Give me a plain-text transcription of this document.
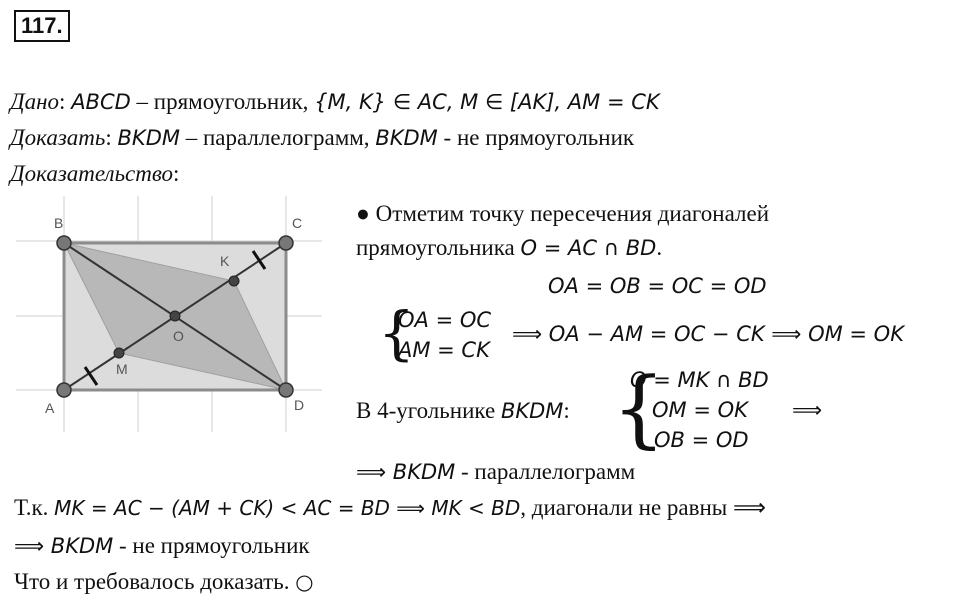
117.
Дано: ABCD – прямоугольник, {M, K} ∈ AC, M ∈ [AK], AM = CK
Доказать: BKDM – параллелограмм, BKDM - не прямоугольник
Доказательство:
B	C
A	D
O
M
K
● Отметим точку пересечения диагоналей
прямоугольника O = AC ∩ BD.
OA = OB = OC = OD
{
OA = OC
AM = CK
⟹ OA − AM = OC − CK ⟹ OM = OK
В 4-угольнике BKDM: {
O = MK ∩ BD
OM = OK ⟹
OB = OD
⟹ BKDM - параллелограмм
Т.к. MK = AC − (AM + CK) < AC = BD ⟹ MK < BD, диагонали не равны ⟹
⟹ BKDM - не прямоугольник
Что и требовалось доказать. ○
